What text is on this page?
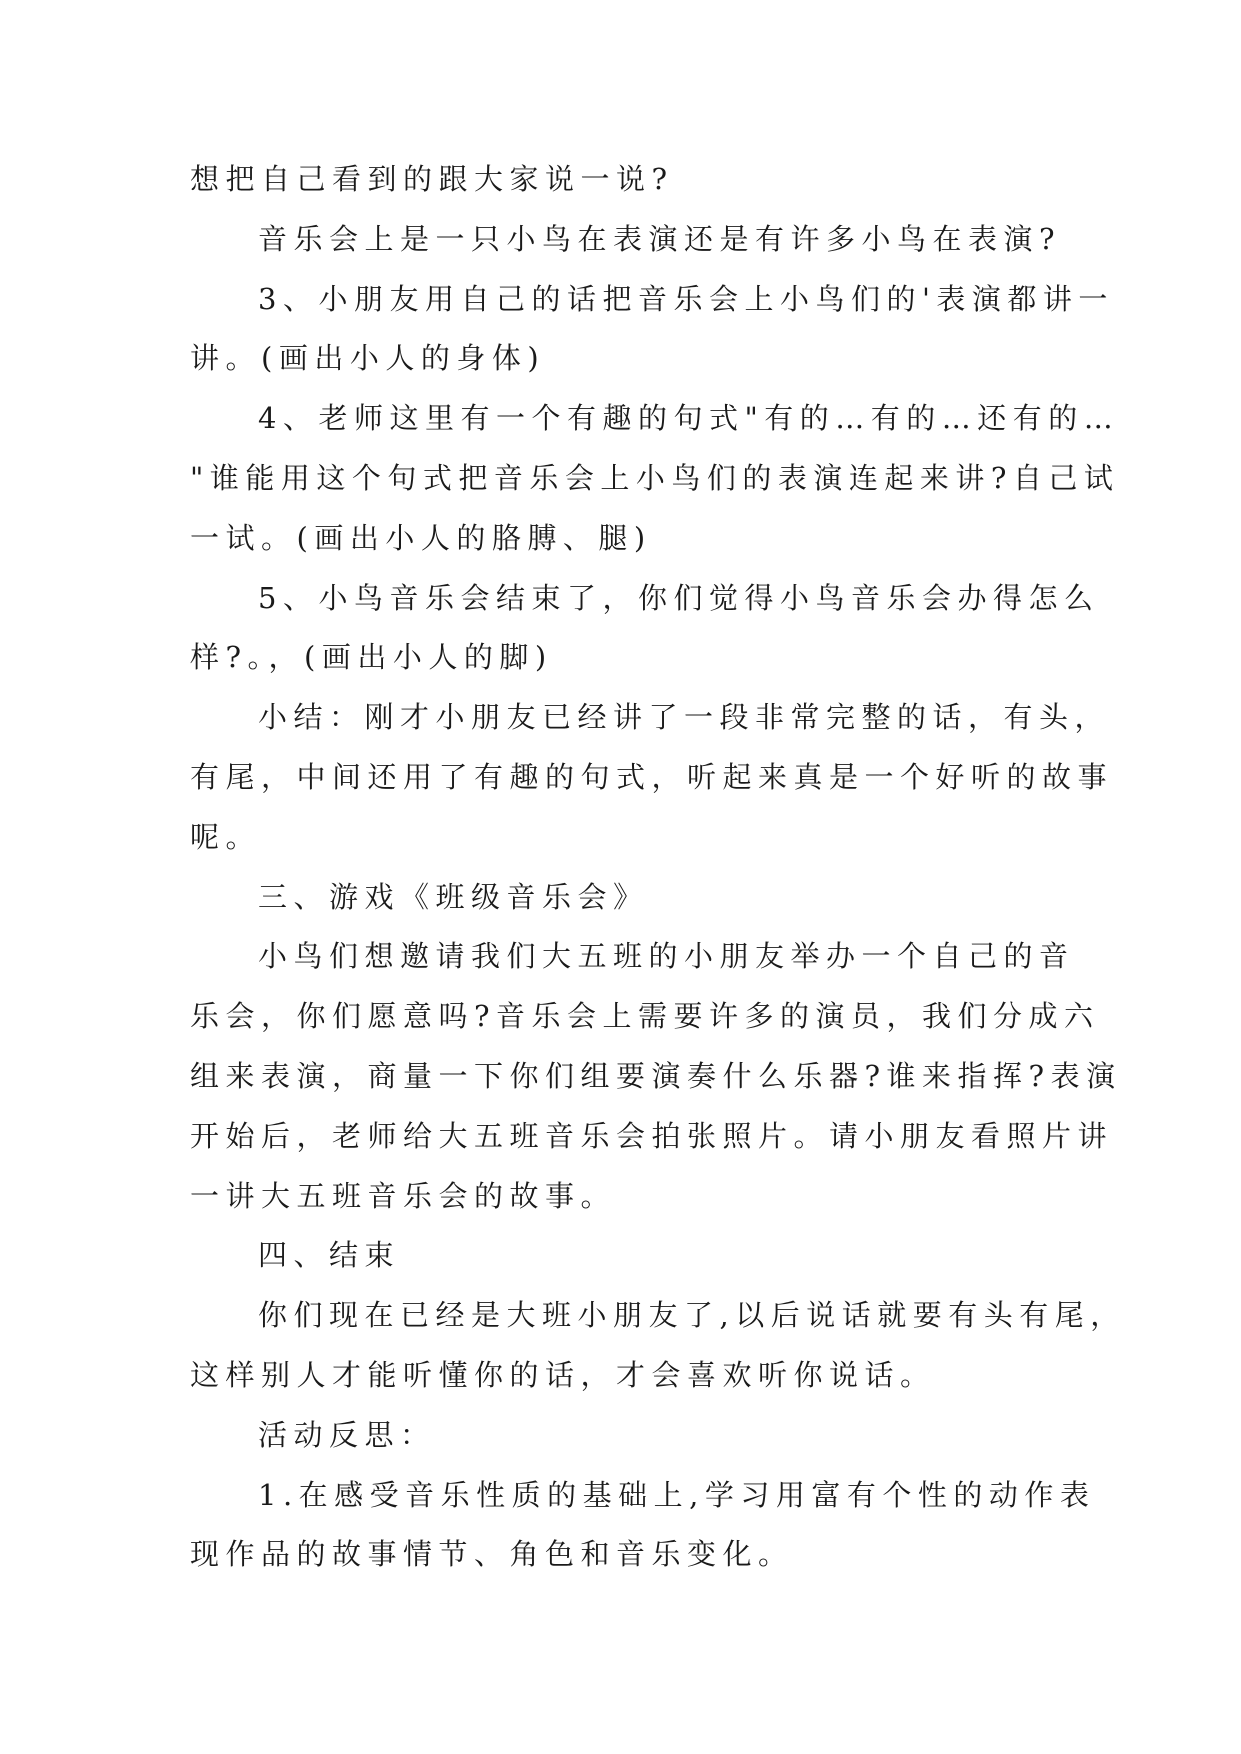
想把自己看到的跟大家说一说?
音乐会上是一只小鸟在表演还是有许多小鸟在表演?
3、小朋友用自己的话把音乐会上小鸟们的'表演都讲一
讲。(画出小人的身体)
4、老师这里有一个有趣的句式"有的…有的…还有的…
"谁能用这个句式把音乐会上小鸟们的表演连起来讲?自己试
一试。(画出小人的胳膊、腿)
5、小鸟音乐会结束了，你们觉得小鸟音乐会办得怎么
样?。，(画出小人的脚)
小结：刚才小朋友已经讲了一段非常完整的话，有头，
有尾，中间还用了有趣的句式，听起来真是一个好听的故事
呢。
三、游戏《班级音乐会》
小鸟们想邀请我们大五班的小朋友举办一个自己的音
乐会，你们愿意吗?音乐会上需要许多的演员，我们分成六
组来表演，商量一下你们组要演奏什么乐器?谁来指挥?表演
开始后，老师给大五班音乐会拍张照片。请小朋友看照片讲
一讲大五班音乐会的故事。
四、结束
你们现在已经是大班小朋友了,以后说话就要有头有尾，
这样别人才能听懂你的话，才会喜欢听你说话。
活动反思：
1.在感受音乐性质的基础上,学习用富有个性的动作表
现作品的故事情节、角色和音乐变化。
